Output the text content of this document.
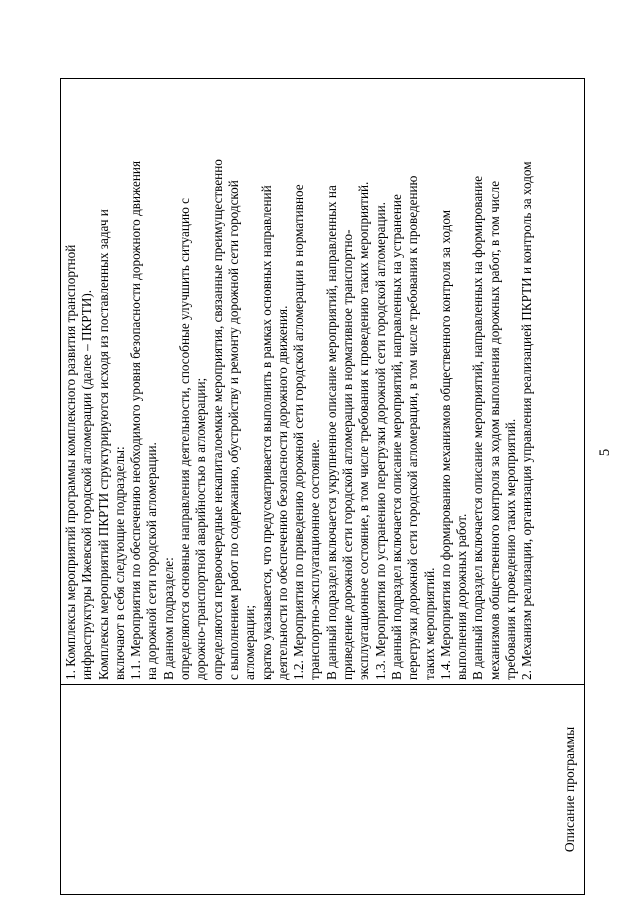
5
Описание программы
1. Комплексы мероприятий программы комплексного развития транспортной инфраструктуры Ижевской городской агломерации (далее – ПКРТИ). Комплексы мероприятий ПКРТИ структурируются исходя из поставленных задач и включают в себя следующие подразделы: 1.1. Мероприятия по обеспечению необходимого уровня безопасности дорожного движения на дорожной сети городской агломерации. В данном подразделе: определяются основные направления деятельности, способные улучшить ситуацию с дорожно-транспортной аварийностью в агломерации; определяются первоочередные некапиталоемкие мероприятия, связанные преимущественно с выполнением работ по содержанию, обустройству и ремонту дорожной сети городской агломерации; кратко указывается, что предусматривается выполнить в рамках основных направлений деятельности по обеспечению безопасности дорожного движения. 1.2. Мероприятия по приведению дорожной сети городской агломерации в нормативное транспортно-эксплуатационное состояние. В данный подраздел включается укрупненное описание мероприятий, направленных на приведение дорожной сети городской агломерации в нормативное транспортно- эксплуатационное состояние, в том числе требования к проведению таких мероприятий. 1.3. Мероприятия по устранению перегрузки дорожной сети городской агломерации. В данный подраздел включается описание мероприятий, направленных на устранение перегрузки дорожной сети городской агломерации, в том числе требования к проведению таких мероприятий. 1.4. Мероприятия по формированию механизмов общественного контроля за ходом выполнения дорожных работ. В данный подраздел включается описание мероприятий, направленных на формирование механизмов общественного контроля за ходом выполнения дорожных работ, в том числе требования к проведению таких мероприятий. 2. Механизм реализации, организация управления реализацией ПКРТИ и контроль за ходом
